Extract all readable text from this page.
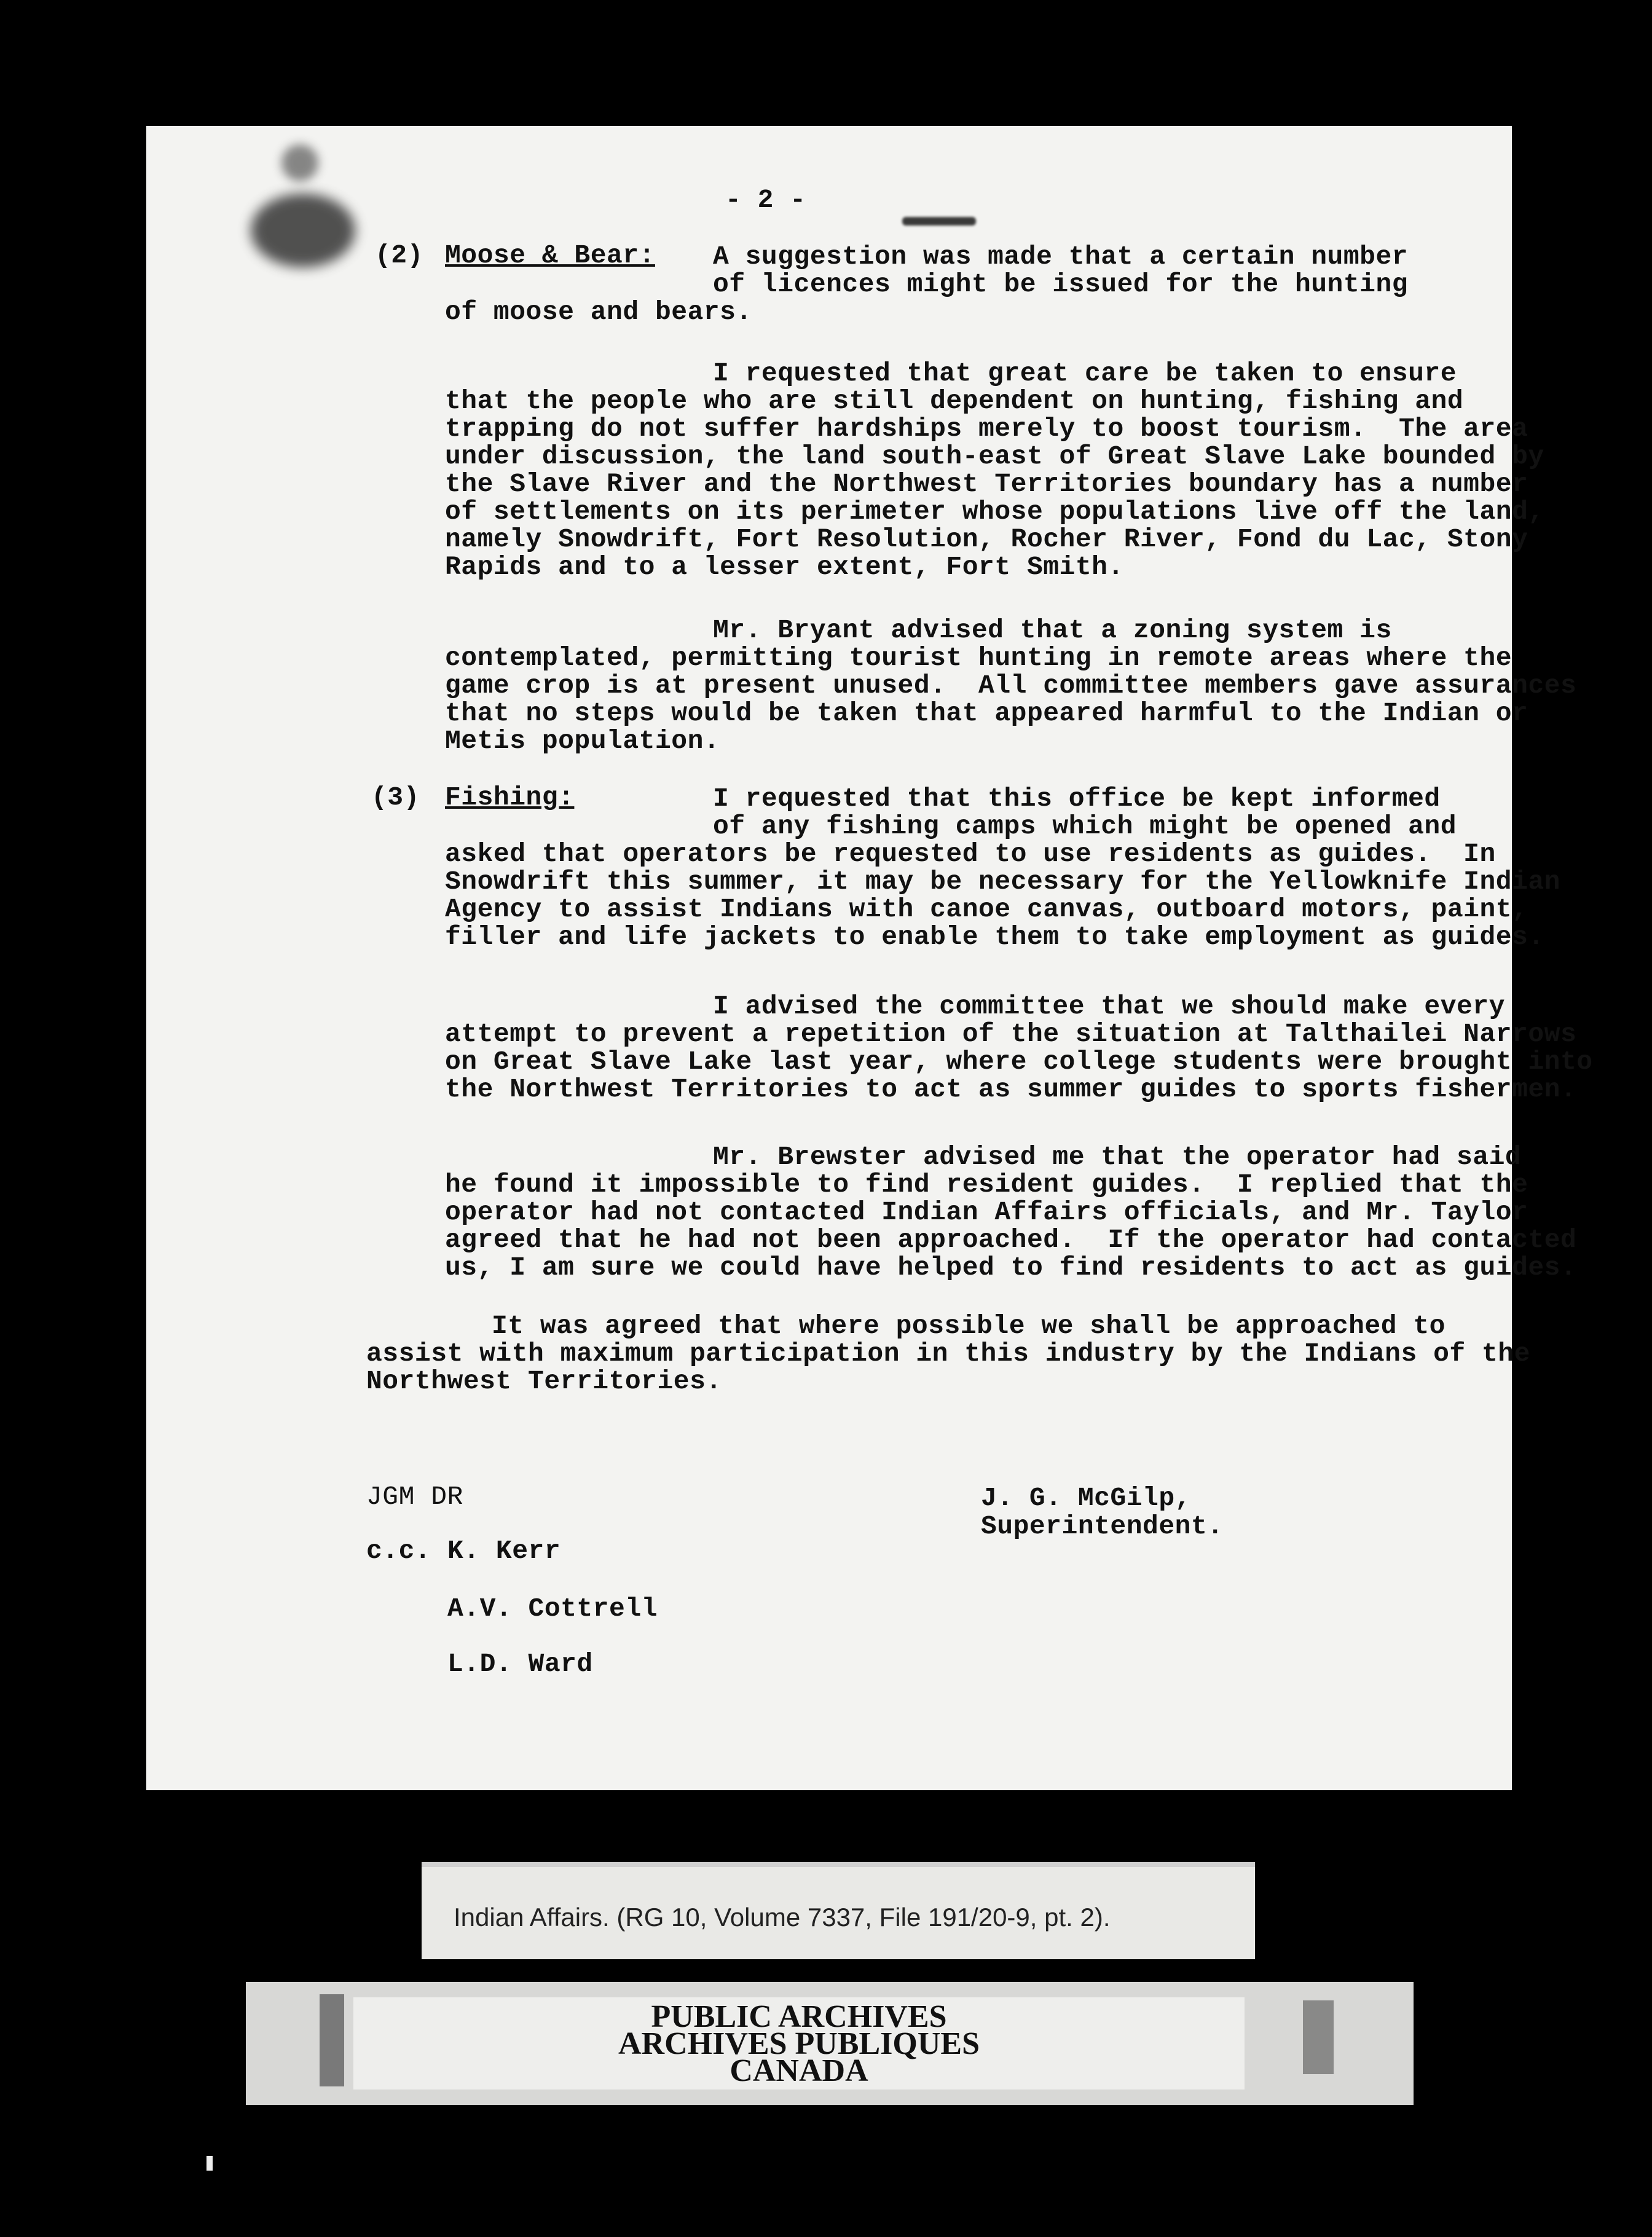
- 2 -
(2) Moose & Bear: A suggestion was made that a certain number
of licences might be issued for the hunting
of moose and bears.
I requested that great care be taken to ensure
that the people who are still dependent on hunting, fishing and
trapping do not suffer hardships merely to boost tourism.  The area
under discussion, the land south-east of Great Slave Lake bounded by
the Slave River and the Northwest Territories boundary has a number
of settlements on its perimeter whose populations live off the land,
namely Snowdrift, Fort Resolution, Rocher River, Fond du Lac, Stony
Rapids and to a lesser extent, Fort Smith.
Mr. Bryant advised that a zoning system is
contemplated, permitting tourist hunting in remote areas where the
game crop is at present unused.  All committee members gave assurances
that no steps would be taken that appeared harmful to the Indian or
Metis population.
(3) Fishing:	I requested that this office be kept informed
of any fishing camps which might be opened and
asked that operators be requested to use residents as guides.  In
Snowdrift this summer, it may be necessary for the Yellowknife Indian
Agency to assist Indians with canoe canvas, outboard motors, paint,
filler and life jackets to enable them to take employment as guides.
I advised the committee that we should make every
attempt to prevent a repetition of the situation at Talthailei Narrows
on Great Slave Lake last year, where college students were brought into
the Northwest Territories to act as summer guides to sports fishermen.
Mr. Brewster advised me that the operator had said
he found it impossible to find resident guides.  I replied that the
operator had not contacted Indian Affairs officials, and Mr. Taylor
agreed that he had not been approached.  If the operator had contacted
us, I am sure we could have helped to find residents to act as guides.
It was agreed that where possible we shall be approached to
assist with maximum participation in this industry by the Indians of the
Northwest Territories.
JGM DR	J. G. McGilp,
Superintendent.
c.c. K. Kerr
A.V. Cottrell
L.D. Ward
Indian Affairs. (RG 10, Volume 7337, File 191/20-9, pt. 2).
PUBLIC ARCHIVES
ARCHIVES PUBLIQUES
CANADA
